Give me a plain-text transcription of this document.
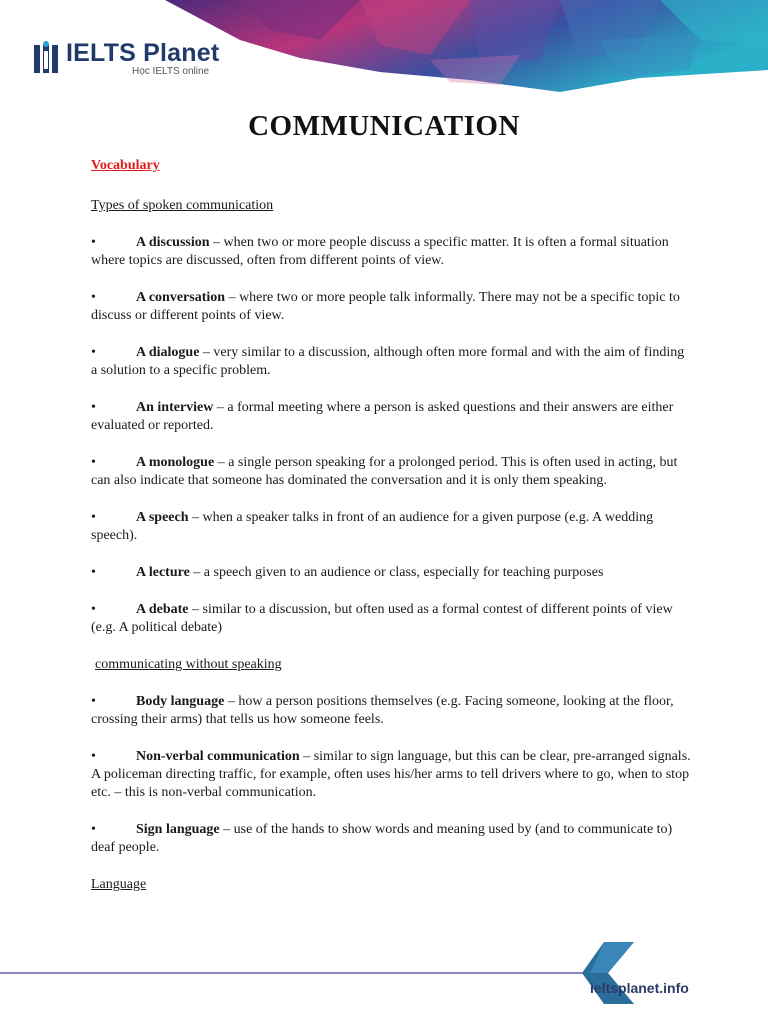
IELTS Planet
Học IELTS online
COMMUNICATION

Vocabulary

Types of spoken communication

•	A discussion – when two or more people discuss a specific matter. It is often a formal situation where topics are discussed, often from different points of view.

•	A conversation – where two or more people talk informally. There may not be a specific topic to discuss or different points of view.

•	A dialogue – very similar to a discussion, although often more formal and with the aim of finding a solution to a specific problem.

•	An interview – a formal meeting where a person is asked questions and their answers are either evaluated or reported.

•	A monologue – a single person speaking for a prolonged period. This is often used in acting, but can also indicate that someone has dominated the conversation and it is only them speaking.

•	A speech – when a speaker talks in front of an audience for a given purpose (e.g. A wedding speech).

•	A lecture – a speech given to an audience or class, especially for teaching purposes

•	A debate – similar to a discussion, but often used as a formal contest of different points of view (e.g. A political debate)

communicating without speaking

•	Body language – how a person positions themselves (e.g. Facing someone, looking at the floor, crossing their arms) that tells us how someone feels.

•	Non-verbal communication – similar to sign language, but this can be clear, pre-arranged signals. A policeman directing traffic, for example, often uses his/her arms to tell drivers where to go, when to stop etc. – this is non-verbal communication.

•	Sign language – use of the hands to show words and meaning used by (and to communicate to) deaf people.

Language

ieltsplanet.info
